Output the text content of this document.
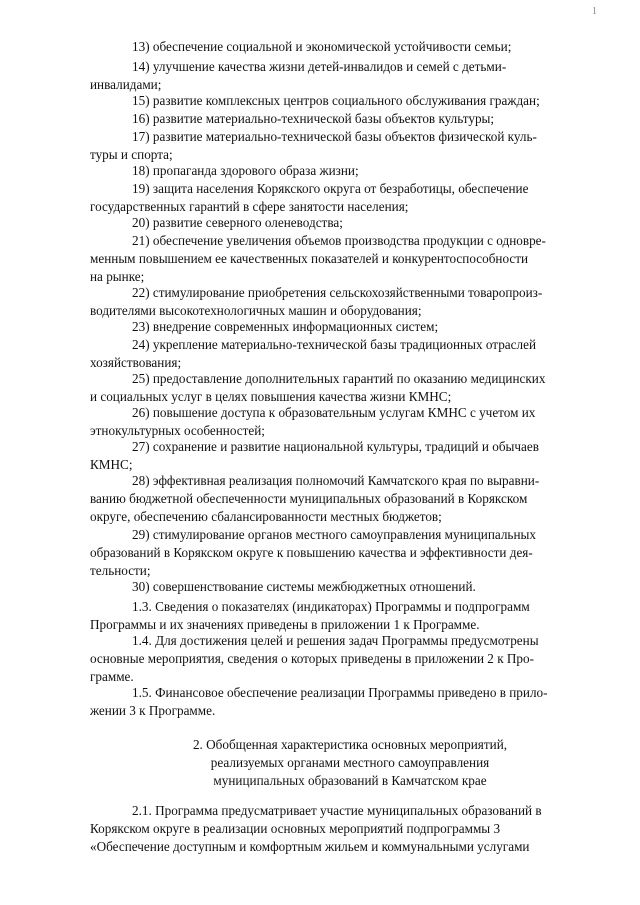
1
13) обеспечение социальной и экономической устойчивости семьи;
14) улучшение качества жизни детей-инвалидов и семей с детьми-
инвалидами;
15) развитие комплексных центров социального обслуживания граждан;
16) развитие материально-технической базы объектов культуры;
17) развитие материально-технической базы объектов физической куль-
туры и спорта;
18) пропаганда здорового образа жизни;
19) защита населения Корякского округа от безработицы, обеспечение
государственных гарантий в сфере занятости населения;
20) развитие северного оленеводства;
21) обеспечение увеличения объемов производства продукции с одновре-
менным повышением ее качественных показателей и конкурентоспособности
на рынке;
22) стимулирование приобретения сельскохозяйственными товаропроиз-
водителями высокотехнологичных машин и оборудования;
23) внедрение современных информационных систем;
24) укрепление материально-технической базы традиционных отраслей
хозяйствования;
25) предоставление дополнительных гарантий по оказанию медицинских
и социальных услуг в целях повышения качества жизни КМНС;
26) повышение доступа к образовательным услугам КМНС с учетом их
этнокультурных особенностей;
27) сохранение и развитие национальной культуры, традиций и обычаев
КМНС;
28) эффективная реализация полномочий Камчатского края по выравни-
ванию бюджетной обеспеченности муниципальных образований в Корякском
округе, обеспечению сбалансированности местных бюджетов;
29) стимулирование органов местного самоуправления муниципальных
образований в Корякском округе к повышению качества и эффективности дея-
тельности;
30) совершенствование системы межбюджетных отношений.
1.3. Сведения о показателях (индикаторах) Программы и подпрограмм
Программы и их значениях приведены в приложении 1 к Программе.
1.4. Для достижения целей и решения задач Программы предусмотрены
основные мероприятия, сведения о которых приведены в приложении 2 к Про-
грамме.
1.5. Финансовое обеспечение реализации Программы приведено в прило-
жении 3 к Программе.
2. Обобщенная характеристика основных мероприятий,
реализуемых органами местного самоуправления
муниципальных образований в Камчатском крае
2.1. Программа предусматривает участие муниципальных образований в
Корякском округе в реализации основных мероприятий подпрограммы 3
«Обеспечение доступным и комфортным жильем и коммунальными услугами
